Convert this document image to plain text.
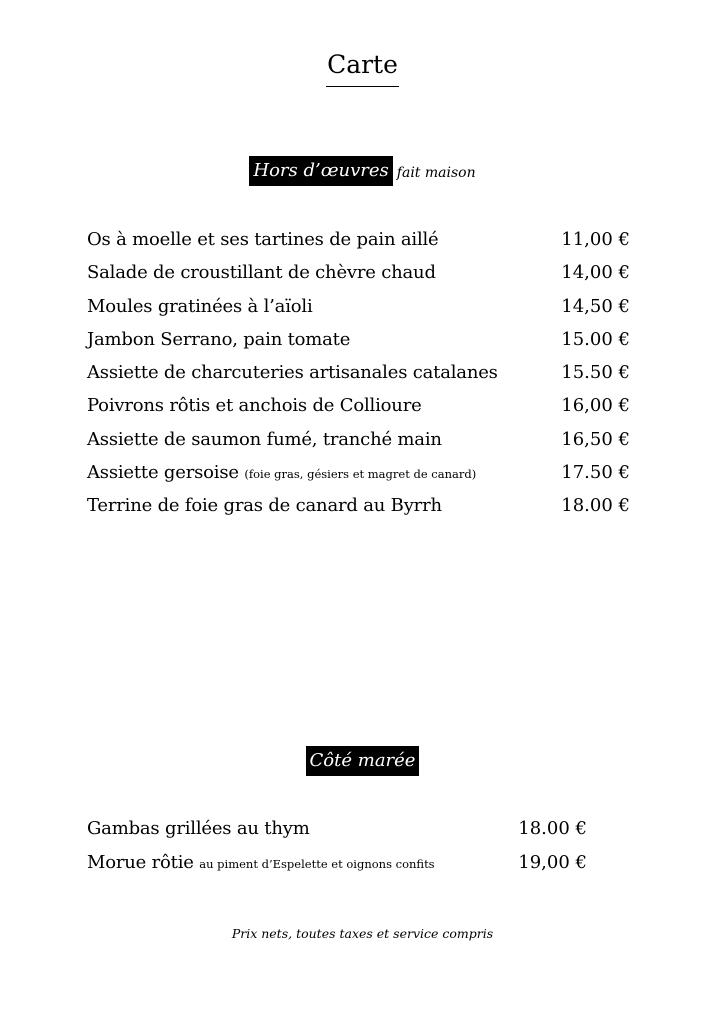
Carte
Hors d’œuvres fait maison
Os à moelle et ses tartines de pain aillé	11,00 €
Salade de croustillant de chèvre chaud	14,00 €
Moules gratinées à l’aïoli	14,50 €
Jambon Serrano, pain tomate	15.00 €
Assiette de charcuteries artisanales catalanes	15.50 €
Poivrons rôtis et anchois de Collioure	16,00 €
Assiette de saumon fumé, tranché main	16,50 €
Assiette gersoise (foie gras, gésiers et magret de canard)	17.50 €
Terrine de foie gras de canard au Byrrh	18.00 €
Côté marée
Gambas grillées au thym	18.00 €
Morue rôtie au piment d’Espelette et oignons confits	19,00 €
Prix nets, toutes taxes et service compris
